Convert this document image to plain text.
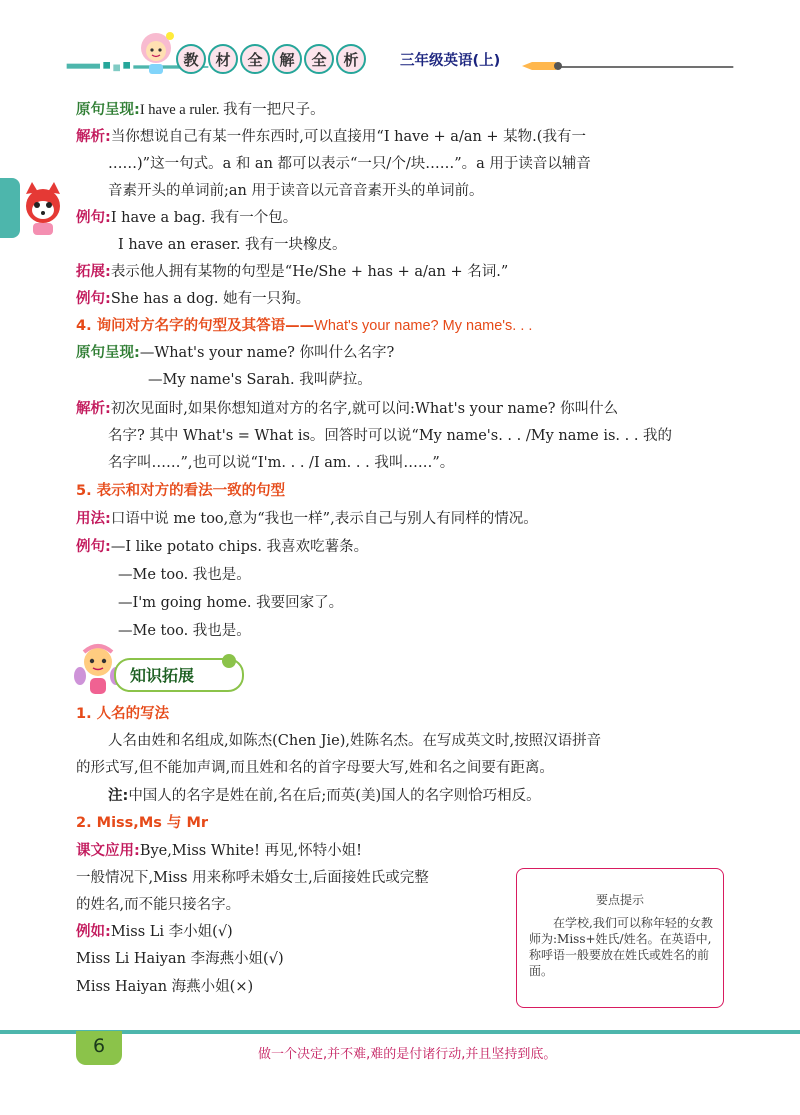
教	材	全	解	全	析	三年级英语(上)
原句呈现:I have a ruler. 我有一把尺子。
解析:当你想说自己有某一件东西时,可以直接用“I have + a/an + 某物.(我有一
……)”这一句式。a 和 an 都可以表示“一只/个/块……”。a 用于读音以辅音
音素开头的单词前;an 用于读音以元音音素开头的单词前。
例句:I have a bag. 我有一个包。
I have an eraser. 我有一块橡皮。
拓展:表示他人拥有某物的句型是“He/She + has + a/an + 名词.”
例句:She has a dog. 她有一只狗。
4. 询问对方名字的句型及其答语——What's your name? My name's. . .
原句呈现:—What's your name? 你叫什么名字?
—My name's Sarah. 我叫萨拉。
解析:初次见面时,如果你想知道对方的名字,就可以问:What's your name? 你叫什么
名字? 其中 What's = What is。回答时可以说“My name's. . . /My name is. . . 我的
名字叫……”,也可以说“I'm. . . /I am. . . 我叫……”。
5. 表示和对方的看法一致的句型
用法:口语中说 me too,意为“我也一样”,表示自己与别人有同样的情况。
例句:—I like potato chips. 我喜欢吃薯条。
—Me too. 我也是。
—I'm going home. 我要回家了。
—Me too. 我也是。
知识拓展
1. 人名的写法
人名由姓和名组成,如陈杰(Chen Jie),姓陈名杰。在写成英文时,按照汉语拼音
的形式写,但不能加声调,而且姓和名的首字母要大写,姓和名之间要有距离。
注:中国人的名字是姓在前,名在后;而英(美)国人的名字则恰巧相反。
2. Miss,Ms 与 Mr
课文应用:Bye,Miss White! 再见,怀特小姐!
一般情况下,Miss 用来称呼未婚女士,后面接姓氏或完整
的姓名,而不能只接名字。
例如:Miss Li 李小姐(√)
Miss Li Haiyan 李海燕小姐(√)
Miss Haiyan 海燕小姐(×)
要点提示
在学校,我们可以称年轻的女教师为:Miss+姓氏/姓名。在英语中,称呼语一般要放在姓氏或姓名的前面。
6	做一个决定,并不难,难的是付诸行动,并且坚持到底。
